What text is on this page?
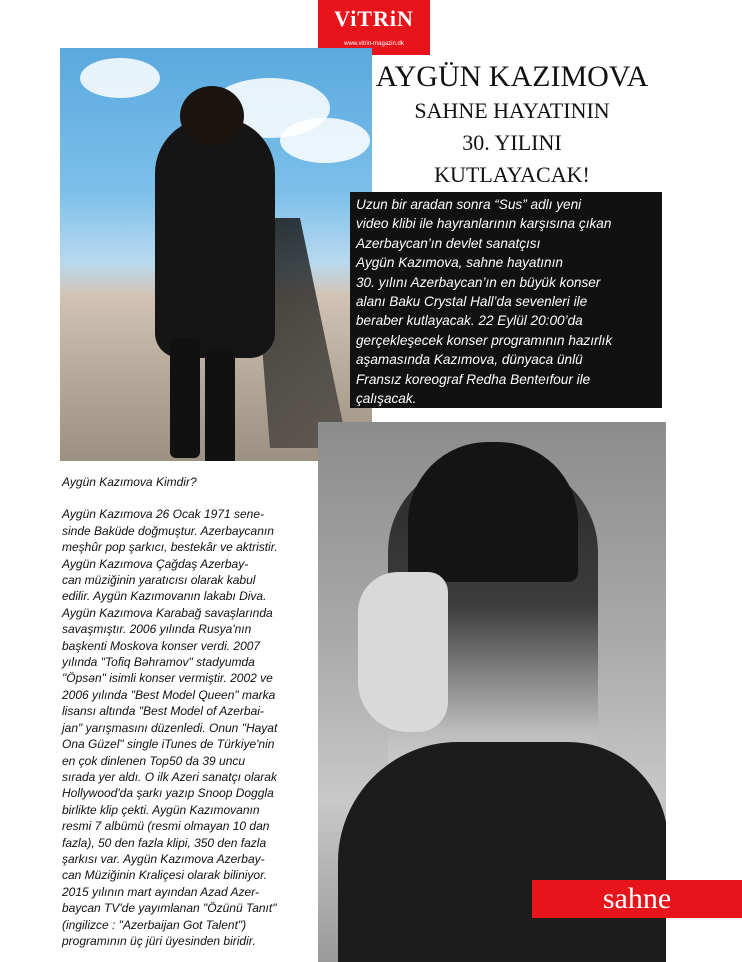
ViTRiN
www.vitrin-magazin.dk
AYGÜN KAZIMOVA
SAHNE HAYATININ
30. YILINI
KUTLAYACAK!

Uzun bir aradan sonra “Sus” adlı yeni
video klibi ile hayranlarının karşısına çıkan
Azerbaycan’ın devlet sanatçısı
Aygün Kazımova, sahne hayatının
30. yılını Azerbaycan’ın en büyük konser
alanı Baku Crystal Hall’da sevenleri ile
beraber kutlayacak. 22 Eylül 20:00’da
gerçekleşecek konser programının hazırlık
aşamasında Kazımova, dünyaca ünlü
Fransız koreograf Redha Benteıfour ile
çalışacak.

Aygün Kazımova Kimdir?

Aygün Kazımova 26 Ocak 1971 sene-
sinde Baküde doğmuştur. Azerbaycanın
meşhûr pop şarkıcı, bestekâr ve aktristir.
Aygün Kazımova Çağdaş Azerbay-
can müziğinin yaratıcısı olarak kabul
edilir. Aygün Kazımovanın lakabı Diva.
Aygün Kazımova Karabağ savaşlarında
savaşmıştır. 2006 yılında Rusya'nın
başkenti Moskova konser verdi. 2007
yılında "Tofiq Bəhramov" stadyumda
"Öpsən" isimli konser vermiştir. 2002 ve
2006 yılında "Best Model Queen" marka
lisansı altında "Best Model of Azerbai-
jan" yarışmasını düzenledi. Onun "Hayat
Ona Güzel" single iTunes de Türkiye'nin
en çok dinlenen Top50 da 39 uncu
sırada yer aldı. O ilk Azeri sanatçı olarak
Hollywood'da şarkı yazıp Snoop Doggla
birlikte klip çekti. Aygün Kazımovanın
resmi 7 albümü (resmi olmayan 10 dan
fazla), 50 den fazla klipi, 350 den fazla
şarkısı var. Aygün Kazımova Azerbay-
can Müziğinin Kraliçesi olarak biliniyor.
2015 yılının mart ayından Azad Azer-
baycan TV'de yayımlanan "Özünü Tanıt"
(ingilizce : "Azerbaijan Got Talent")
programının üç jüri üyesinden biridir.

sahne
